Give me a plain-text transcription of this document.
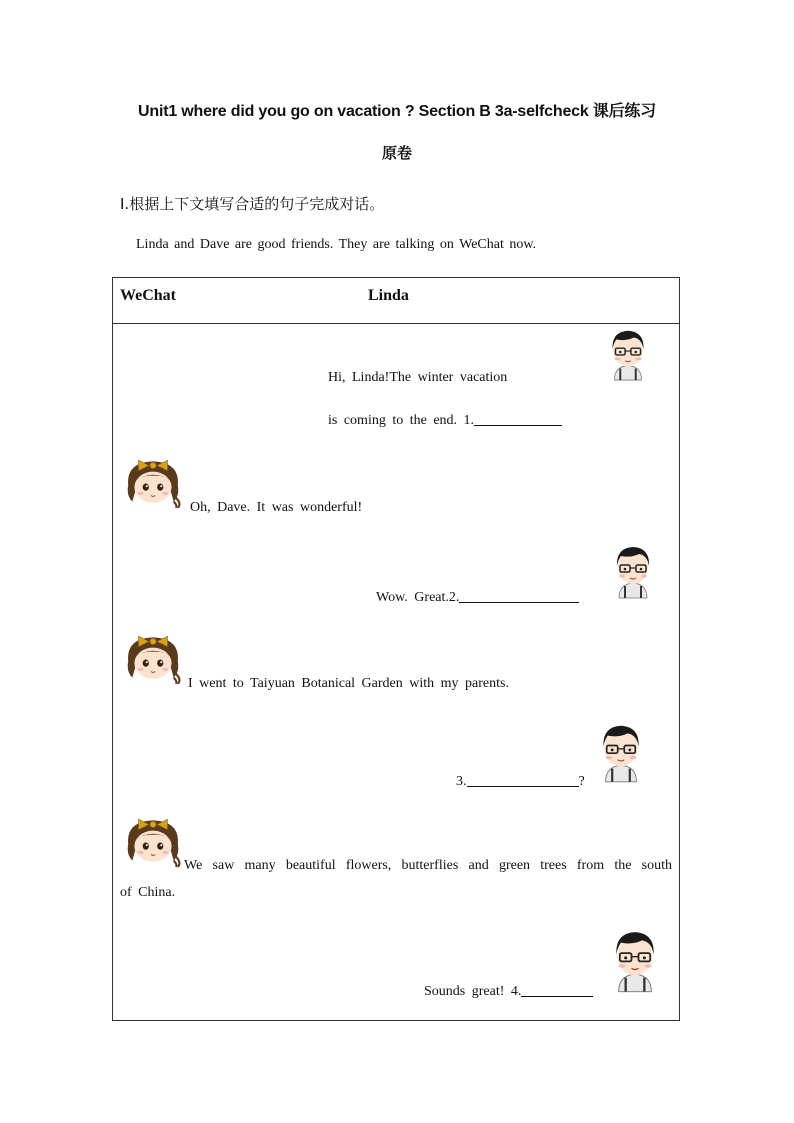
Unit1 where did you go on vacation ? Section B 3a-selfcheck 课后练习
原卷
Ⅰ.根据上下文填写合适的句子完成对话。
Linda and Dave are good friends. They are talking on WeChat now.
WeChat	Linda
Hi, Linda!The winter vacation
is coming to the end. 1.
Oh, Dave. It was wonderful!
Wow. Great.2.
I went to Taiyuan Botanical Garden with my parents.
3.	?
We saw many beautiful flowers, butterflies and green trees from the south
of China.
Sounds great! 4.
